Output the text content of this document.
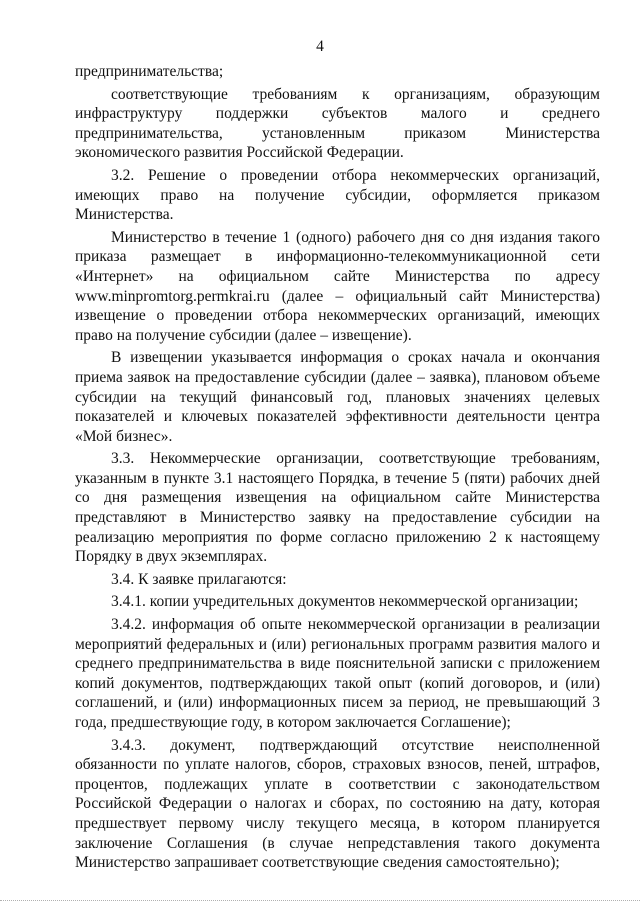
4

предпринимательства;

соответствующие требованиям к организациям, образующим инфраструктуру поддержки субъектов малого и среднего предпринимательства, установленным приказом Министерства экономического развития Российской Федерации.

3.2. Решение о проведении отбора некоммерческих организаций, имеющих право на получение субсидии, оформляется приказом Министерства.

Министерство в течение 1 (одного) рабочего дня со дня издания такого приказа размещает в информационно-телекоммуникационной сети «Интернет» на официальном сайте Министерства по адресу www.minpromtorg.permkrai.ru (далее – официальный сайт Министерства) извещение о проведении отбора некоммерческих организаций, имеющих право на получение субсидии (далее – извещение).

В извещении указывается информация о сроках начала и окончания приема заявок на предоставление субсидии (далее – заявка), плановом объеме субсидии на текущий финансовый год, плановых значениях целевых показателей и ключевых показателей эффективности деятельности центра «Мой бизнес».

3.3. Некоммерческие организации, соответствующие требованиям, указанным в пункте 3.1 настоящего Порядка, в течение 5 (пяти) рабочих дней со дня размещения извещения на официальном сайте Министерства представляют в Министерство заявку на предоставление субсидии на реализацию мероприятия по форме согласно приложению 2 к настоящему Порядку в двух экземплярах.

3.4. К заявке прилагаются:

3.4.1. копии учредительных документов некоммерческой организации;

3.4.2. информация об опыте некоммерческой организации в реализации мероприятий федеральных и (или) региональных программ развития малого и среднего предпринимательства в виде пояснительной записки с приложением копий документов, подтверждающих такой опыт (копий договоров, и (или) соглашений, и (или) информационных писем за период, не превышающий 3 года, предшествующие году, в котором заключается Соглашение);

3.4.3. документ, подтверждающий отсутствие неисполненной обязанности по уплате налогов, сборов, страховых взносов, пеней, штрафов, процентов, подлежащих уплате в соответствии с законодательством Российской Федерации о налогах и сборах, по состоянию на дату, которая предшествует первому числу текущего месяца, в котором планируется заключение Соглашения (в случае непредставления такого документа Министерство запрашивает соответствующие сведения самостоятельно);
